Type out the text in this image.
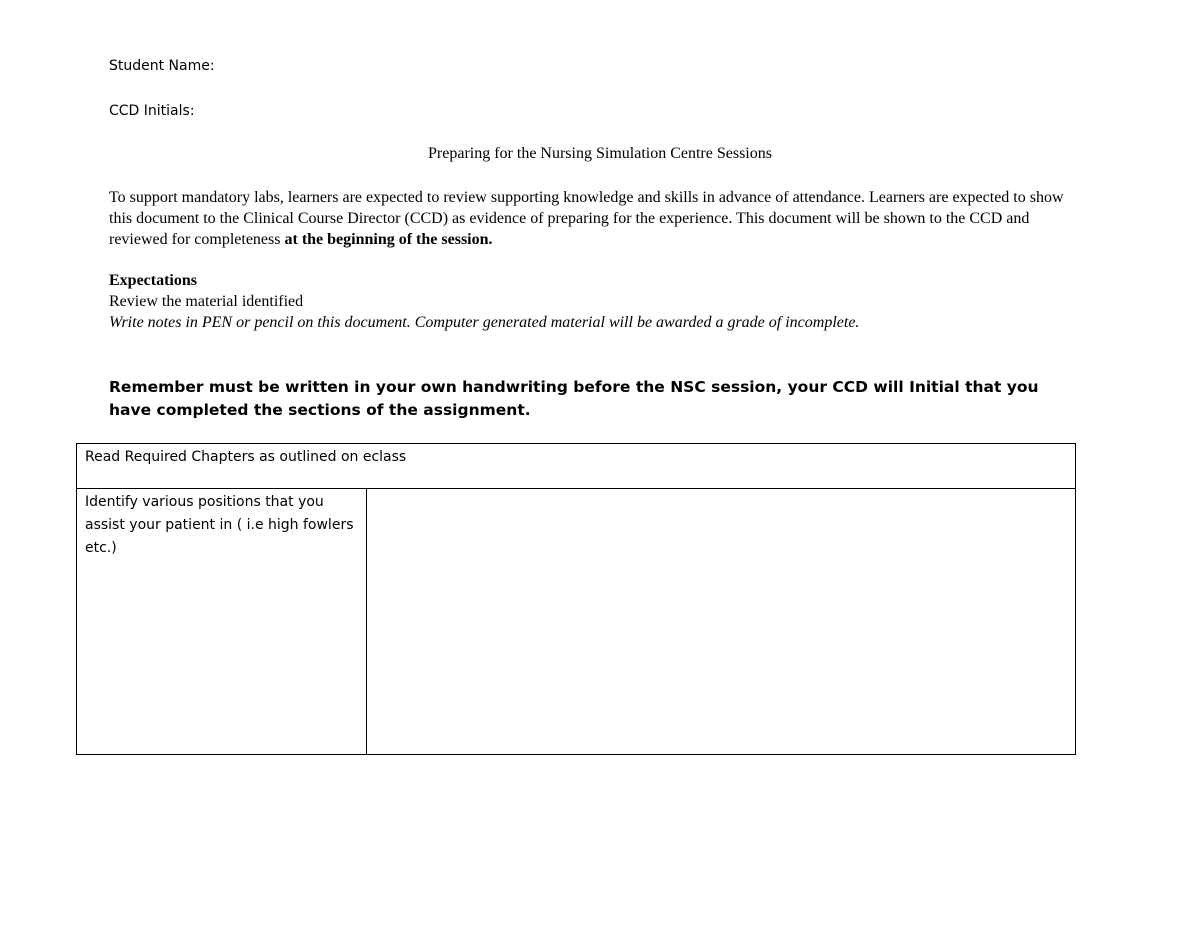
Student Name:
CCD Initials:
Preparing for the Nursing Simulation Centre Sessions

To support mandatory labs, learners are expected to review supporting knowledge and skills in advance of attendance. Learners are expected to show this document to the Clinical Course Director (CCD) as evidence of preparing for the experience. This document will be shown to the CCD and reviewed for completeness at the beginning of the session.

Expectations
Review the material identified
Write notes in PEN or pencil on this document. Computer generated material will be awarded a grade of incomplete.

Remember must be written in your own handwriting before the NSC session, your CCD will Initial that you have completed the sections of the assignment.

Read Required Chapters as outlined on eclass
Identify various positions that you assist your patient in ( i.e high fowlers etc.)	
